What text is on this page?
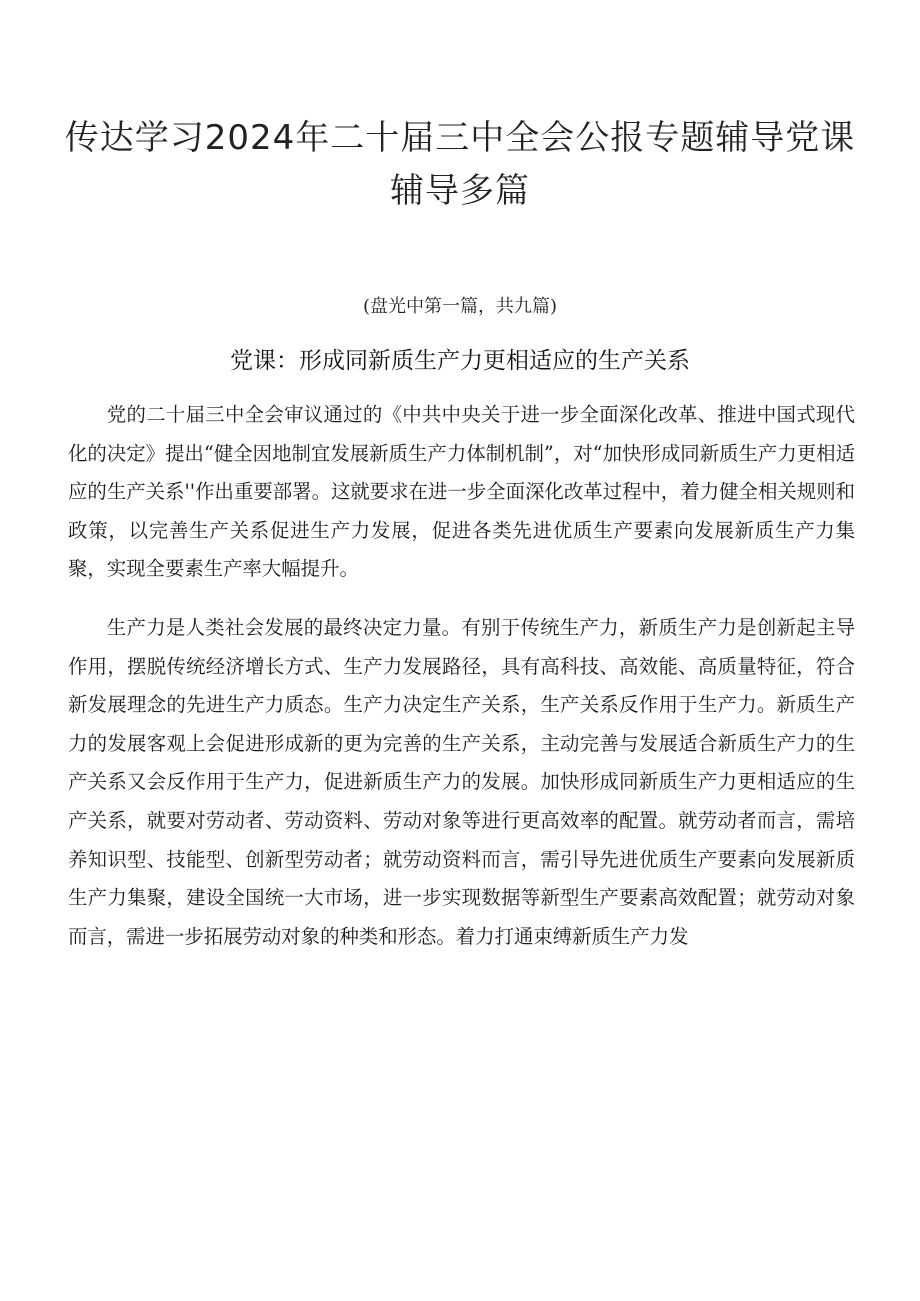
传达学习2024年二十届三中全会公报专题辅导党课
辅导多篇
(盘光中第一篇，共九篇)
党课：形成同新质生产力更相适应的生产关系

党的二十届三中全会审议通过的《中共中央关于进一步全面深化改革、推进中国式现代化的决定》提出“健全因地制宜发展新质生产力体制机制”，对“加快形成同新质生产力更相适应的生产关系''作出重要部署。这就要求在进一步全面深化改革过程中，着力健全相关规则和政策，以完善生产关系促进生产力发展，促进各类先进优质生产要素向发展新质生产力集聚，实现全要素生产率大幅提升。

生产力是人类社会发展的最终决定力量。有别于传统生产力，新质生产力是创新起主导作用，摆脱传统经济增长方式、生产力发展路径，具有高科技、高效能、高质量特征，符合新发展理念的先进生产力质态。生产力决定生产关系，生产关系反作用于生产力。新质生产力的发展客观上会促进形成新的更为完善的生产关系，主动完善与发展适合新质生产力的生产关系又会反作用于生产力，促进新质生产力的发展。加快形成同新质生产力更相适应的生产关系，就要对劳动者、劳动资料、劳动对象等进行更高效率的配置。就劳动者而言，需培养知识型、技能型、创新型劳动者；就劳动资料而言，需引导先进优质生产要素向发展新质生产力集聚，建设全国统一大市场，进一步实现数据等新型生产要素高效配置；就劳动对象而言，需进一步拓展劳动对象的种类和形态。着力打通束缚新质生产力发
